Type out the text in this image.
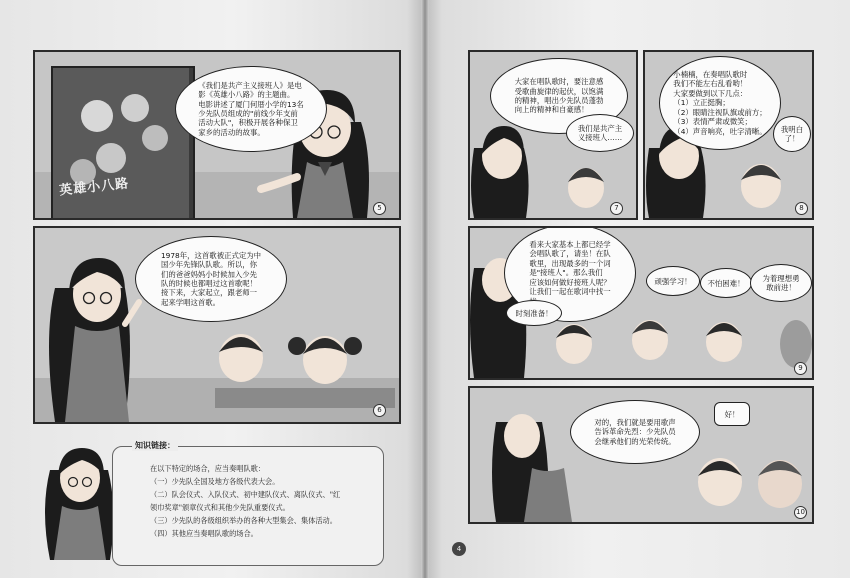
英雄小八路
《我们是共产主义接班人》是电
影《英雄小八路》的主题曲。
电影讲述了厦门何厝小学的13名
少先队员组成的"前线少年支前
活动大队"，积极开展各种保卫
家乡的活动的故事。
5
1978年，这首歌被正式定为中
国少年先锋队队歌。所以，你
们的爸爸妈妈小时候加入少先
队的时候也都唱过这首歌呢！
接下来，大家起立，跟老师一
起来学唱这首歌。
6
知识链接：
在以下特定的场合，应当奏唱队歌：
（一）少先队全国及地方各级代表大会。
（二）队会仪式、入队仪式、初中建队仪式、离队仪式、"红
领巾奖章"颁章仪式和其他少先队重要仪式。
（三）少先队的各级组织举办的各种大型集会、集体活动。
（四）其他应当奏唱队歌的场合。
大家在唱队歌时，要注意感
受歌曲旋律的起伏，以饱满
的精神，唱出少先队员蓬勃
向上的精神和自豪感！
我们是共产主
义接班人……
7
小楠楠，在奏唱队歌时
我们不能左右乱看哟！
大家要做到以下几点：
（1）立正挺胸；
（2）眼睛注视队旗或前方；
（3）表情严肃或微笑；
（4）声音响亮，吐字清晰。 我明白
了！
8
看来大家基本上都已经学
会唱队歌了，请坐！在队
歌里，出现最多的一个词
是"接班人"。那么我们
应该如何做好接班人呢？
让我们一起在歌词中找一

时刻准备！
顽强学习！ 不怕困难！ 为着理想勇
敢前进！
9
对的，我们就是要用歌声
告诉革命先烈：少先队员
会继承他们的光荣传统。
好！
10
4
